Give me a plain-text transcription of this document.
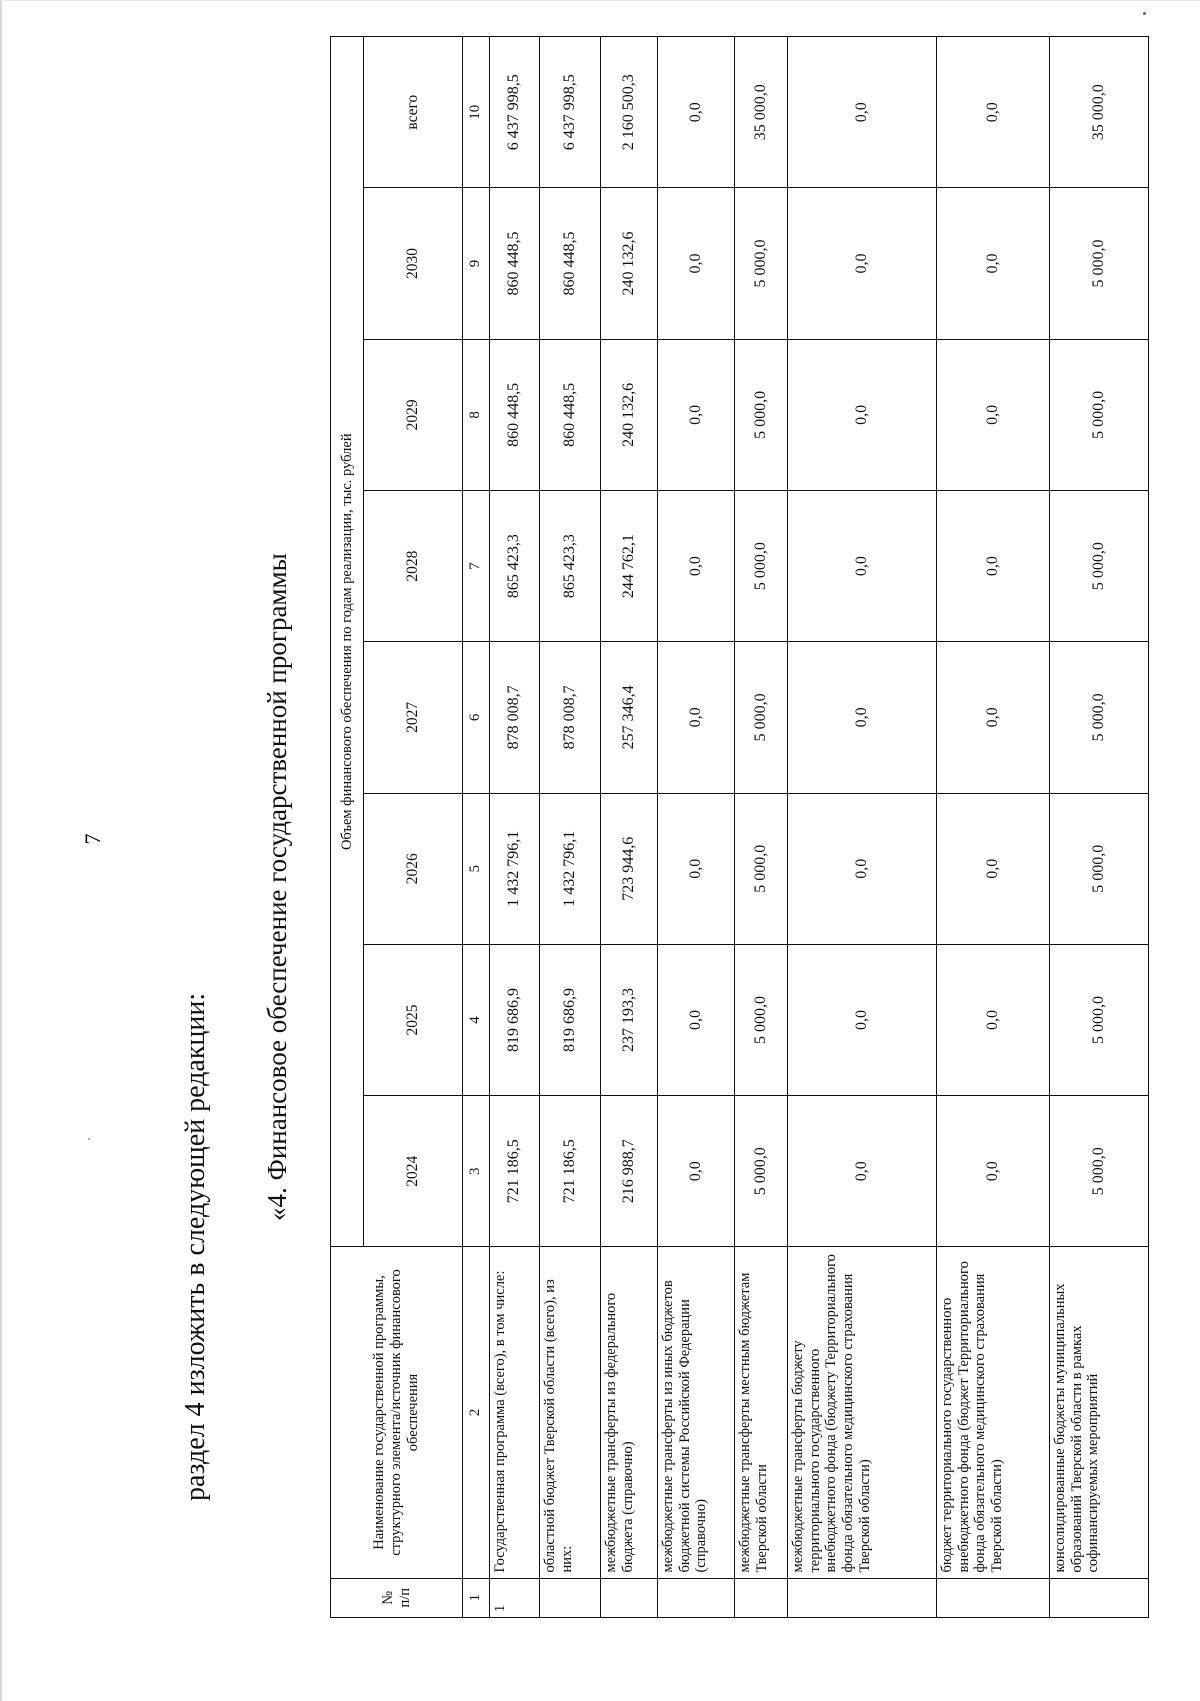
7
раздел 4 изложить в следующей редакции:
«4. Финансовое обеспечение государственной программы
№ п/п	Наименование государственной программы, структурного элемента/источник финансового обеспечения	Объем финансового обеспечения по годам реализации, тыс. рублей							
		2024	2025	2026	2027	2028	2029	2030	всего
1	2	3	4	5	6	7	8	9	10
1	Государственная программа (всего), в том числе:	721 186,5	819 686,9	1 432 796,1	878 008,7	865 423,3	860 448,5	860 448,5	6 437 998,5
	областной бюджет Тверской области (всего), из них:	721 186,5	819 686,9	1 432 796,1	878 008,7	865 423,3	860 448,5	860 448,5	6 437 998,5
	межбюджетные трансферты из федерального бюджета (справочно)	216 988,7	237 193,3	723 944,6	257 346,4	244 762,1	240 132,6	240 132,6	2 160 500,3
	межбюджетные трансферты из иных бюджетов бюджетной системы Российской Федерации (справочно)	0,0	0,0	0,0	0,0	0,0	0,0	0,0	0,0
	межбюджетные трансферты местным бюджетам Тверской области	5 000,0	5 000,0	5 000,0	5 000,0	5 000,0	5 000,0	5 000,0	35 000,0
	межбюджетные трансферты бюджету территориального государственного внебюджетного фонда (бюджету Территориального фонда обязательного медицинского страхования Тверской области)	0,0	0,0	0,0	0,0	0,0	0,0	0,0	0,0
	бюджет территориального государственного внебюджетного фонда (бюджет Территориального фонда обязательного медицинского страхования Тверской области)	0,0	0,0	0,0	0,0	0,0	0,0	0,0	0,0
	консолидированные бюджеты муниципальных образований Тверской области в рамках софинансируемых мероприятий	5 000,0	5 000,0	5 000,0	5 000,0	5 000,0	5 000,0	5 000,0	35 000,0
